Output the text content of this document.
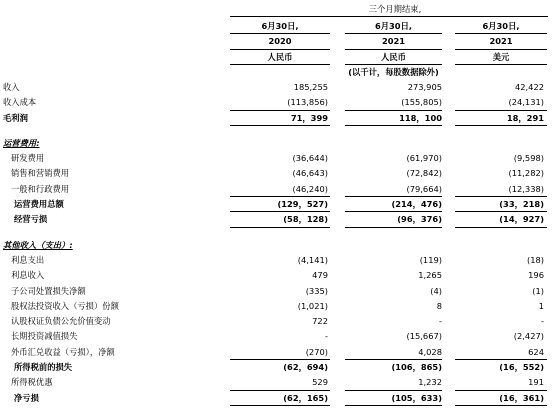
三个月期结束,
6月30日,	6月30日,	6月30日,
2020	2021	2021
人民币	人民币	美元
(以千计，每股数据除外)
收入	185,255	273,905	42,422
收入成本	(113,856)	(155,805)	(24,131)
毛利润	71，399	118，100	18，291
运营费用:
研发费用	(36,644)	(61,970)	(9,598)
销售和营销费用	(46,643)	(72,842)	(11,282)
一般和行政费用	(46,240)	(79,664)	(12,338)
运营费用总额	(129，527)	(214，476)	(33，218)
经营亏损	(58，128)	(96，376)	(14，927)
其他收入（支出）:
利息支出	(4,141)	(119)	(18)
利息收入	479	1,265	196
子公司处置损失净额	(335)	(4)	(1)
股权法投资收入（亏损）份额	(1,021)	8	1
认股权证负债公允价值变动	722	-	-
长期投资减值损失	-	(15,667)	(2,427)
外币汇兑收益（亏损），净额	(270)	4,028	624
所得税前的损失	(62，694)	(106，865)	(16，552)
所得税优惠	529	1,232	191
净亏损	(62，165)	(105，633)	(16，361)
